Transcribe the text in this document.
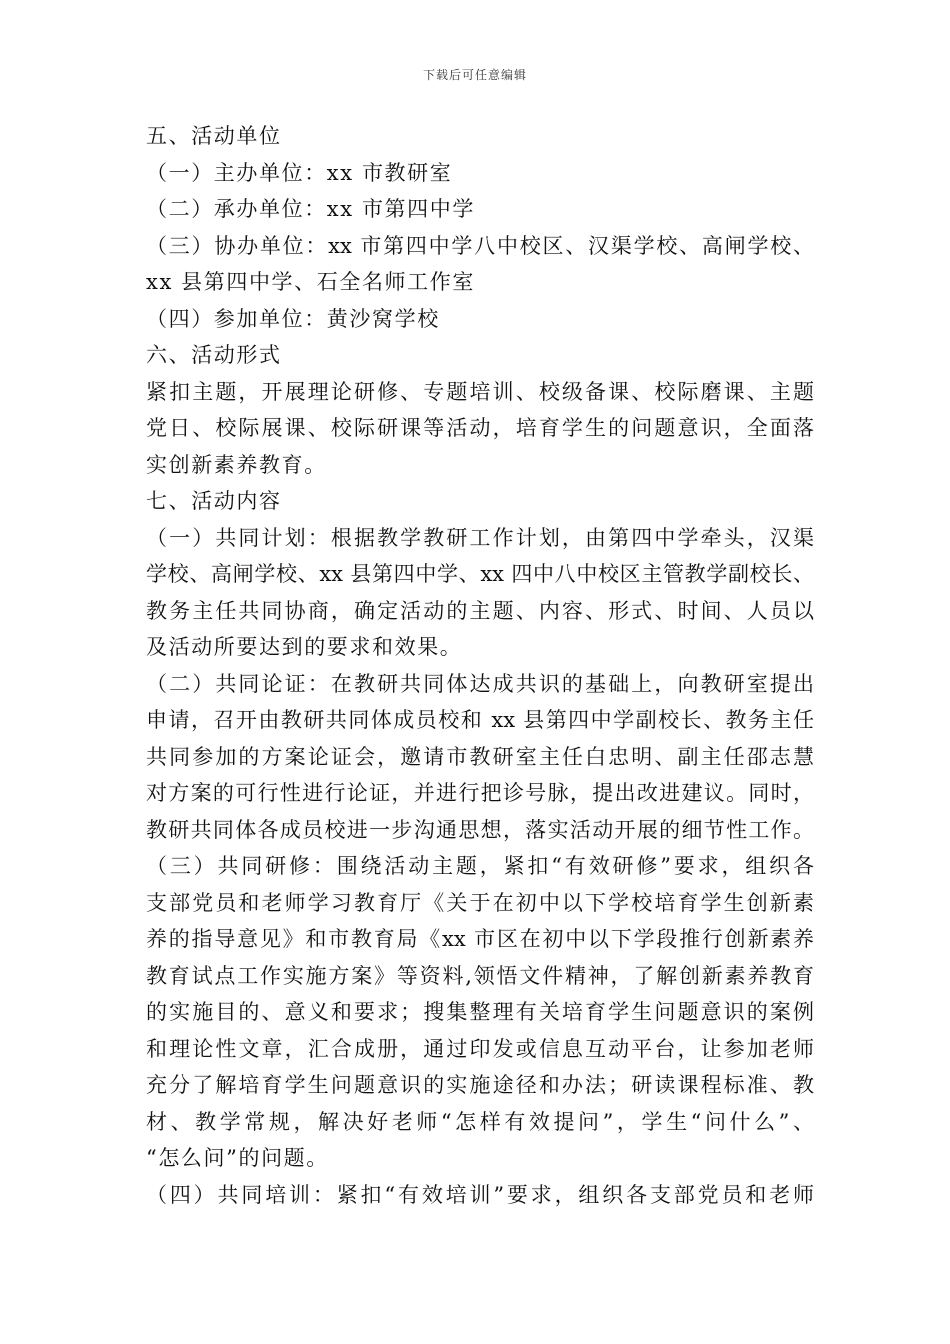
下载后可任意编辑
五、活动单位
（一）主办单位：xx 市教研室
（二）承办单位：xx 市第四中学
（三）协办单位：xx 市第四中学八中校区、汉渠学校、高闸学校、
xx 县第四中学、石全名师工作室
（四）参加单位：黄沙窝学校
六、活动形式
紧扣主题，开展理论研修、专题培训、校级备课、校际磨课、主题
党日、校际展课、校际研课等活动，培育学生的问题意识，全面落
实创新素养教育。
七、活动内容
（一）共同计划：根据教学教研工作计划，由第四中学牵头，汉渠
学校、高闸学校、xx 县第四中学、xx 四中八中校区主管教学副校长、
教务主任共同协商，确定活动的主题、内容、形式、时间、人员以
及活动所要达到的要求和效果。
（二）共同论证：在教研共同体达成共识的基础上，向教研室提出
申请，召开由教研共同体成员校和 xx 县第四中学副校长、教务主任
共同参加的方案论证会，邀请市教研室主任白忠明、副主任邵志慧
对方案的可行性进行论证，并进行把诊号脉，提出改进建议。同时，
教研共同体各成员校进一步沟通思想，落实活动开展的细节性工作。
（三）共同研修：围绕活动主题，紧扣“有效研修”要求，组织各
支部党员和老师学习教育厅《关于在初中以下学校培育学生创新素
养的指导意见》和市教育局《xx 市区在初中以下学段推行创新素养
教育试点工作实施方案》等资料,领悟文件精神，了解创新素养教育
的实施目的、意义和要求；搜集整理有关培育学生问题意识的案例
和理论性文章，汇合成册，通过印发或信息互动平台，让参加老师
充分了解培育学生问题意识的实施途径和办法；研读课程标准、教
材、教学常规，解决好老师“怎样有效提问”，学生“问什么”、
“怎么问”的问题。
（四）共同培训：紧扣“有效培训”要求，组织各支部党员和老师
